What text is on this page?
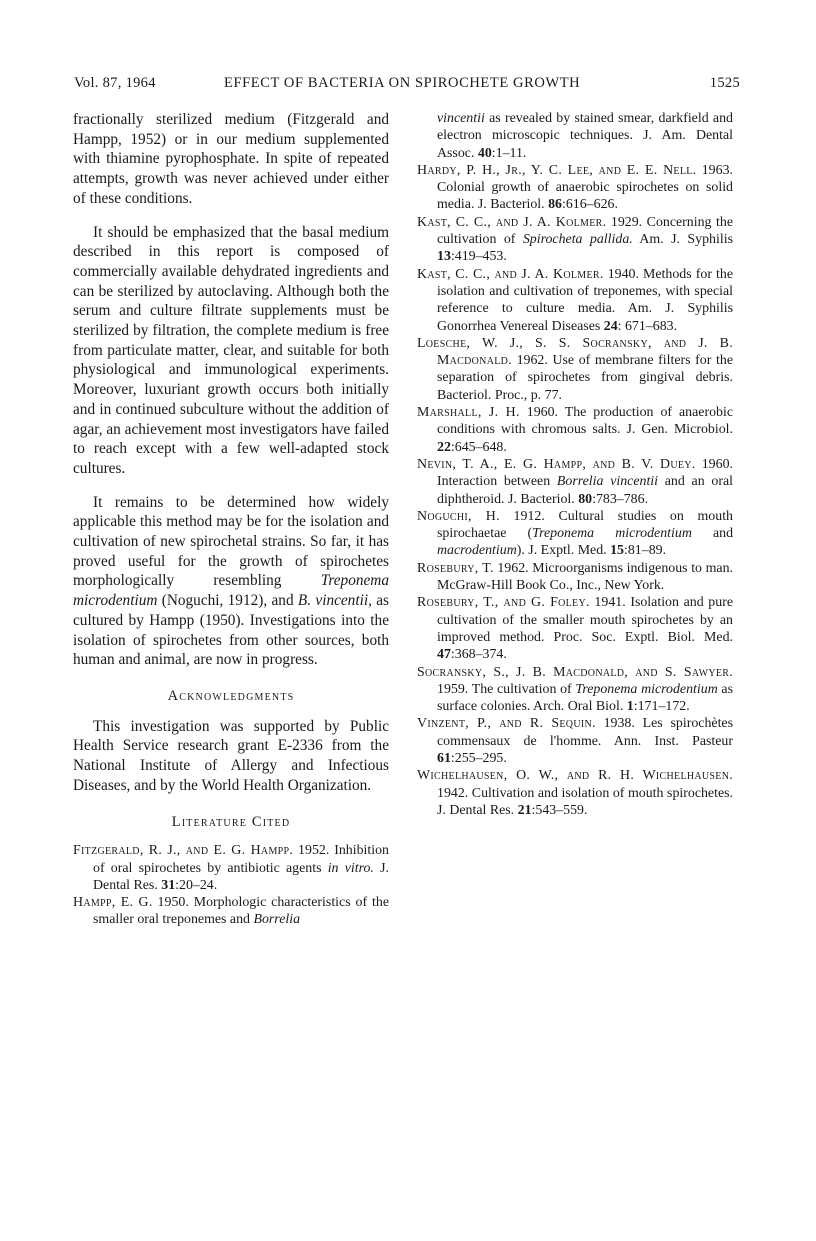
Vol. 87, 1964	EFFECT OF BACTERIA ON SPIROCHETE GROWTH	1525

fractionally sterilized medium (Fitzgerald and Hampp, 1952) or in our medium supplemented with thiamine pyrophosphate. In spite of repeated attempts, growth was never achieved under either of these conditions.

It should be emphasized that the basal medium described in this report is composed of commercially available dehydrated ingredients and can be sterilized by autoclaving. Although both the serum and culture filtrate supplements must be sterilized by filtration, the complete medium is free from particulate matter, clear, and suitable for both physiological and immunological experiments. Moreover, luxuriant growth occurs both initially and in continued subculture without the addition of agar, an achievement most investigators have failed to reach except with a few well-adapted stock cultures.

It remains to be determined how widely applicable this method may be for the isolation and cultivation of new spirochetal strains. So far, it has proved useful for the growth of spirochetes morphologically resembling Treponema microdentium (Noguchi, 1912), and B. vincentii, as cultured by Hampp (1950). Investigations into the isolation of spirochetes from other sources, both human and animal, are now in progress.

Acknowledgments

This investigation was supported by Public Health Service research grant E-2336 from the National Institute of Allergy and Infectious Diseases, and by the World Health Organization.

Literature Cited

Fitzgerald, R. J., and E. G. Hampp. 1952. Inhibition of oral spirochetes by antibiotic agents in vitro. J. Dental Res. 31:20–24.

Hampp, E. G. 1950. Morphologic characteristics of the smaller oral treponemes and Borrelia

vincentii as revealed by stained smear, darkfield and electron microscopic techniques. J. Am. Dental Assoc. 40:1–11.

Hardy, P. H., Jr., Y. C. Lee, and E. E. Nell. 1963. Colonial growth of anaerobic spirochetes on solid media. J. Bacteriol. 86:616–626.

Kast, C. C., and J. A. Kolmer. 1929. Concerning the cultivation of Spirocheta pallida. Am. J. Syphilis 13:419–453.

Kast, C. C., and J. A. Kolmer. 1940. Methods for the isolation and cultivation of treponemes, with special reference to culture media. Am. J. Syphilis Gonorrhea Venereal Diseases 24: 671–683.

Loesche, W. J., S. S. Socransky, and J. B. Macdonald. 1962. Use of membrane filters for the separation of spirochetes from gingival debris. Bacteriol. Proc., p. 77.

Marshall, J. H. 1960. The production of anaerobic conditions with chromous salts. J. Gen. Microbiol. 22:645–648.

Nevin, T. A., E. G. Hampp, and B. V. Duey. 1960. Interaction between Borrelia vincentii and an oral diphtheroid. J. Bacteriol. 80:783–786.

Noguchi, H. 1912. Cultural studies on mouth spirochaetae (Treponema microdentium and macrodentium). J. Exptl. Med. 15:81–89.

Rosebury, T. 1962. Microorganisms indigenous to man. McGraw-Hill Book Co., Inc., New York.

Rosebury, T., and G. Foley. 1941. Isolation and pure cultivation of the smaller mouth spirochetes by an improved method. Proc. Soc. Exptl. Biol. Med. 47:368–374.

Socransky, S., J. B. Macdonald, and S. Sawyer. 1959. The cultivation of Treponema microdentium as surface colonies. Arch. Oral Biol. 1:171–172.

Vinzent, P., and R. Sequin. 1938. Les spirochètes commensaux de l'homme. Ann. Inst. Pasteur 61:255–295.

Wichelhausen, O. W., and R. H. Wichelhausen. 1942. Cultivation and isolation of mouth spirochetes. J. Dental Res. 21:543–559.
